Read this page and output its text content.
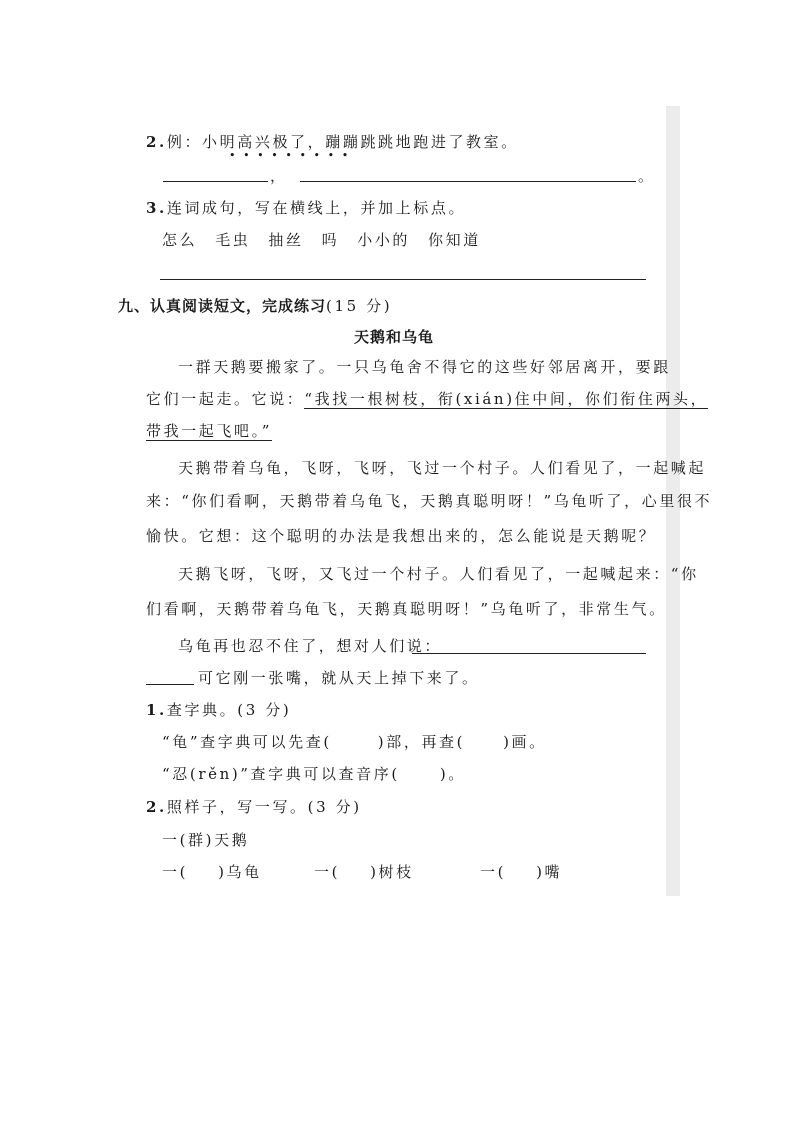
2.例：小明高兴极了，蹦蹦跳跳地跑进了教室。
•••••••••
，	。
3.连词成句，写在横线上，并加上标点。
怎么 毛虫 抽丝 吗 小小的 你知道
九、认真阅读短文，完成练习(15 分)
天鹅和乌龟
一群天鹅要搬家了。一只乌龟舍不得它的这些好邻居离开，要跟
它们一起走。它说：“我找一根树枝，衔(xián)住中间，你们衔住两头，
带我一起飞吧。”
天鹅带着乌龟，飞呀，飞呀，飞过一个村子。人们看见了，一起喊起
来：“你们看啊，天鹅带着乌龟飞，天鹅真聪明呀！”乌龟听了，心里很不
愉快。它想：这个聪明的办法是我想出来的，怎么能说是天鹅呢？
天鹅飞呀，飞呀，又飞过一个村子。人们看见了，一起喊起来：“你
们看啊，天鹅带着乌龟飞，天鹅真聪明呀！”乌龟听了，非常生气。
乌龟再也忍不住了，想对人们说：
可它刚一张嘴，就从天上掉下来了。
1.查字典。(3 分)
“龟”查字典可以先查(	)部，再查(	)画。
“忍(rěn)”查字典可以查音序(	)。
2.照样子，写一写。(3 分)
一(群)天鹅
一( )乌龟	一( )树枝	一( )嘴
